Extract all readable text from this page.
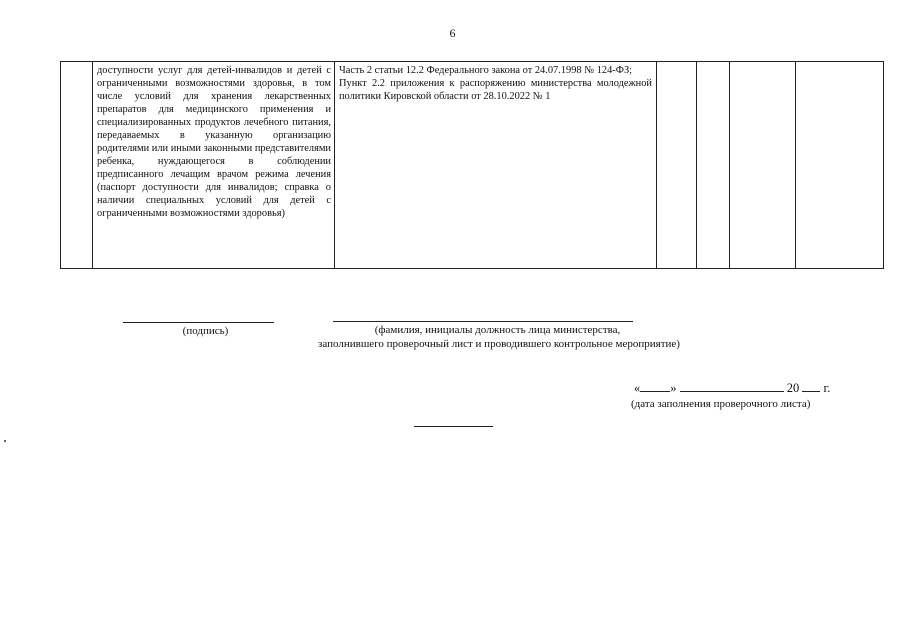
6

доступности услуг для детей-инвалидов и детей с ограниченными возможностями здоровья, в том числе условий для хранения лекарственных препаратов для медицинского применения и специализированных продуктов лечебного питания, передаваемых в указанную организацию родителями или иными законными представителями ребенка, нуждающегося в соблюдении предписанного лечащим врачом режима лечения (паспорт доступности для инвалидов; справка о наличии специальных условий для детей с ограниченными возможностями здоровья)

Часть 2 статьи 12.2 Федерального закона от 24.07.1998 № 124-ФЗ;
Пункт 2.2 приложения к распоряжению министерства молодежной политики Кировской области от 28.10.2022 № 1

(подпись)	(фамилия, инициалы должность лица министерства,
заполнившего проверочный лист и проводившего контрольное мероприятие)
« »	20 г.
(дата заполнения проверочного листа)
